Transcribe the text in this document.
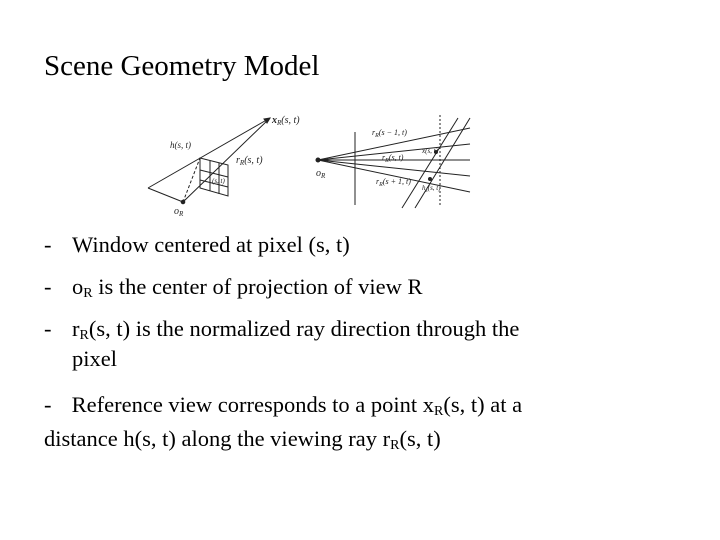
Scene Geometry Model
h(s, t)
$x_R(s$, t)
$r_R(s$, t)
(s, t)
$o_R$
$r_R(s - 1$, t)
x(s, t)
$r_R(s$, t)
$r_R(s + 1$, t)
$h_x(s$, t)
$o_R$
- Window centered at pixel (s, t)
- $o_R$ is the center of projection of view R
- $r_R(s$, t) is the normalized ray direction through the
pixel
- Reference view corresponds to a point $x_R(s$, t) at a
distance h(s, t) along the viewing ray $r_R(s$, t)
